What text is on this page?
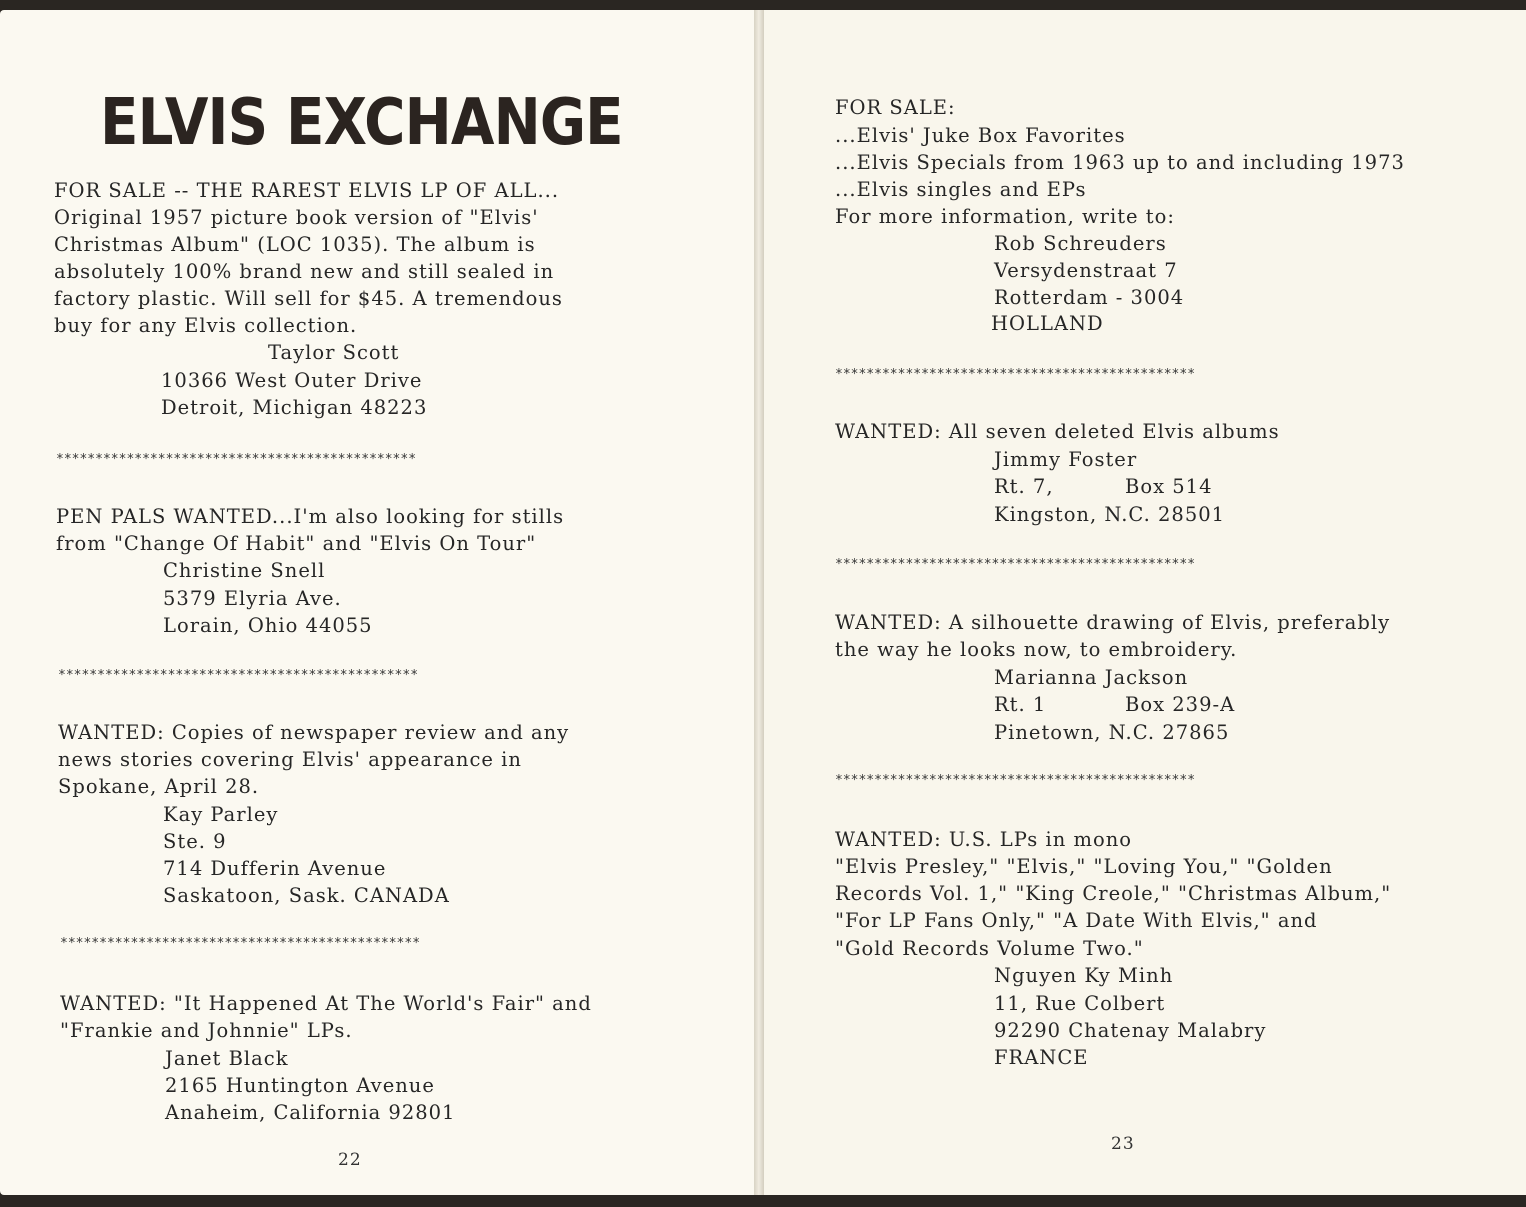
ELVIS EXCHANGE
FOR SALE -- THE RAREST ELVIS LP OF ALL...
Original 1957 picture book version of "Elvis'
Christmas Album" (LOC 1035). The album is
absolutely 100% brand new and still sealed in
factory plastic. Will sell for $45. A tremendous
buy for any Elvis collection.
Taylor Scott
10366 West Outer Drive
Detroit, Michigan 48223
**********************************************
PEN PALS WANTED...I'm also looking for stills
from "Change Of Habit" and "Elvis On Tour"
Christine Snell
5379 Elyria Ave.
Lorain, Ohio 44055
**********************************************
WANTED: Copies of newspaper review and any
news stories covering Elvis' appearance in
Spokane, April 28.
Kay Parley
Ste. 9
714 Dufferin Avenue
Saskatoon, Sask. CANADA
**********************************************
WANTED: "It Happened At The World's Fair" and
"Frankie and Johnnie" LPs.
Janet Black
2165 Huntington Avenue
Anaheim, California 92801
22
FOR SALE:
...Elvis' Juke Box Favorites
...Elvis Specials from 1963 up to and including 1973
...Elvis singles and EPs
For more information, write to:
Rob Schreuders
Versydenstraat 7
Rotterdam - 3004
HOLLAND
**********************************************
WANTED: All seven deleted Elvis albums
Jimmy Foster
Rt. 7,	Box 514
Kingston, N.C. 28501
**********************************************
WANTED: A silhouette drawing of Elvis, preferably
the way he looks now, to embroidery.
Marianna Jackson
Rt. 1	Box 239-A
Pinetown, N.C. 27865
**********************************************
WANTED: U.S. LPs in mono
"Elvis Presley," "Elvis," "Loving You," "Golden
Records Vol. 1," "King Creole," "Christmas Album,"
"For LP Fans Only," "A Date With Elvis," and
"Gold Records Volume Two."
Nguyen Ky Minh
11, Rue Colbert
92290 Chatenay Malabry
FRANCE
23
